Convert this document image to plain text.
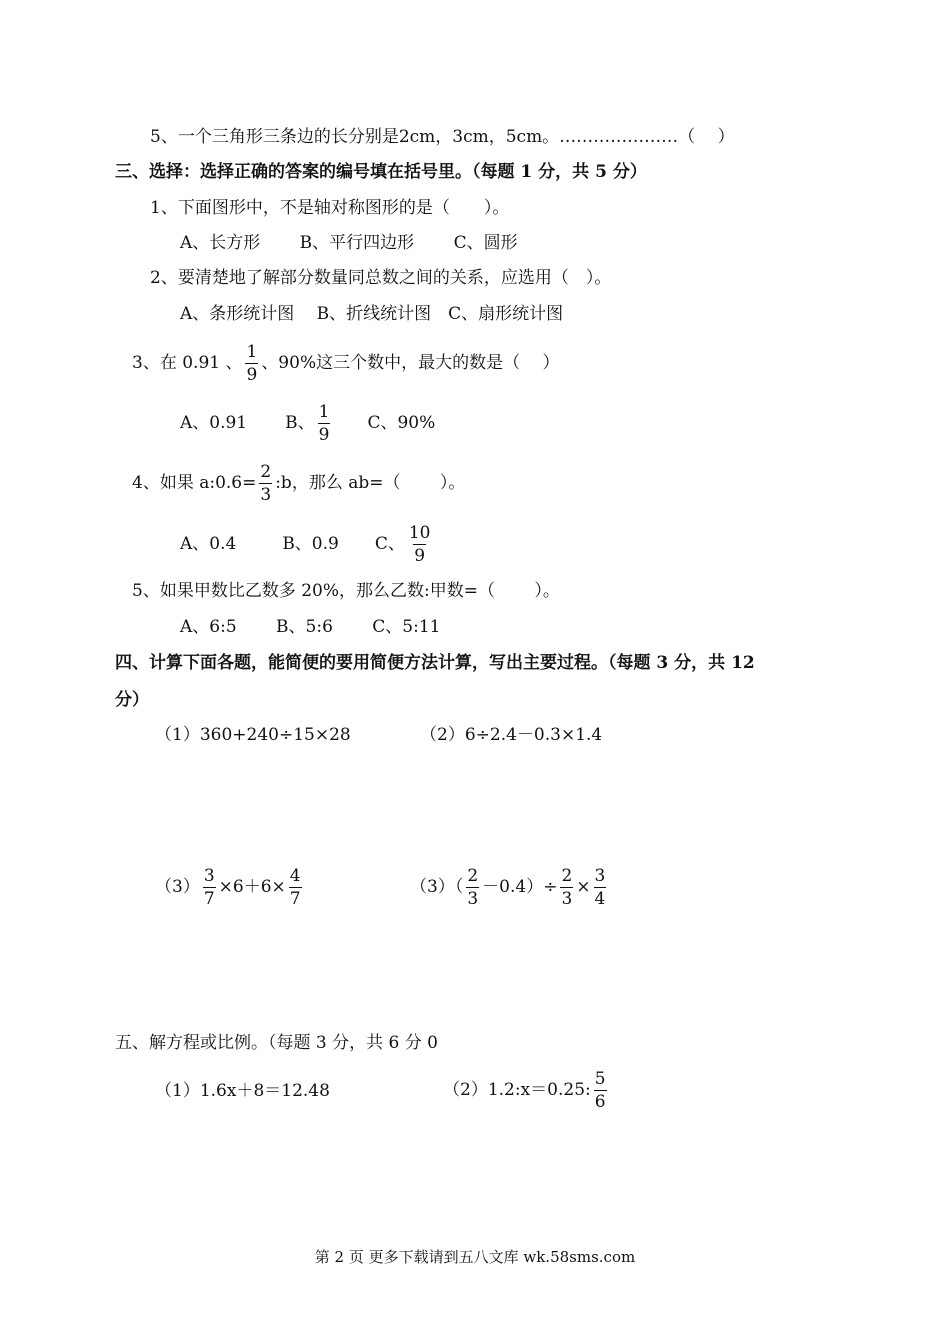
5、一个三角形三条边的长分别是2cm，3cm，5cm。…………………（　 ）
三、选择：选择正确的答案的编号填在括号里。（每题 1 分，共 5 分）
1、下面图形中，不是轴对称图形的是（　　）。
A、长方形　　 B、平行四边形　　 C、圆形
2、要清楚地了解部分数量同总数之间的关系，应选用（　）。
A、条形统计图　 B、折线统计图　C、扇形统计图
3、在 0.91 、 $\frac{1}{9}$ 、90%这三个数中，最大的数是（　 ）
A、0.91 B、 $\frac{1}{9}$ C、90%
4、如果 a:0.6= $\frac{2}{3}$ :b，那么 ab=（　　 ）。
A、0.4	B、0.9 C、 $\frac{10}{9}$
5、如果甲数比乙数多 20%，那么乙数:甲数=（　　 ）。
A、6:5　　 B、5:6　　 C、5:11
四、计算下面各题，能简便的要用简便方法计算，写出主要过程。（每题 3 分，共 12
分）
（1）360+240÷15×28	（2）6÷2.4－0.3×1.4
$(3) \frac{3}{7} \times 6+6\times \frac{4}{7}$	$(3)( \frac{2}{3} -0.4)\div \frac{2}{3} \times \frac{3}{4}$
五、解方程或比例。（每题 3 分，共 6 分 0
（1）1.6x＋8＝12.48	（2）1.2:x＝0.25: $\frac{5}{6}$
第 2 页 更多下载请到五八文库 wk.58sms.com
